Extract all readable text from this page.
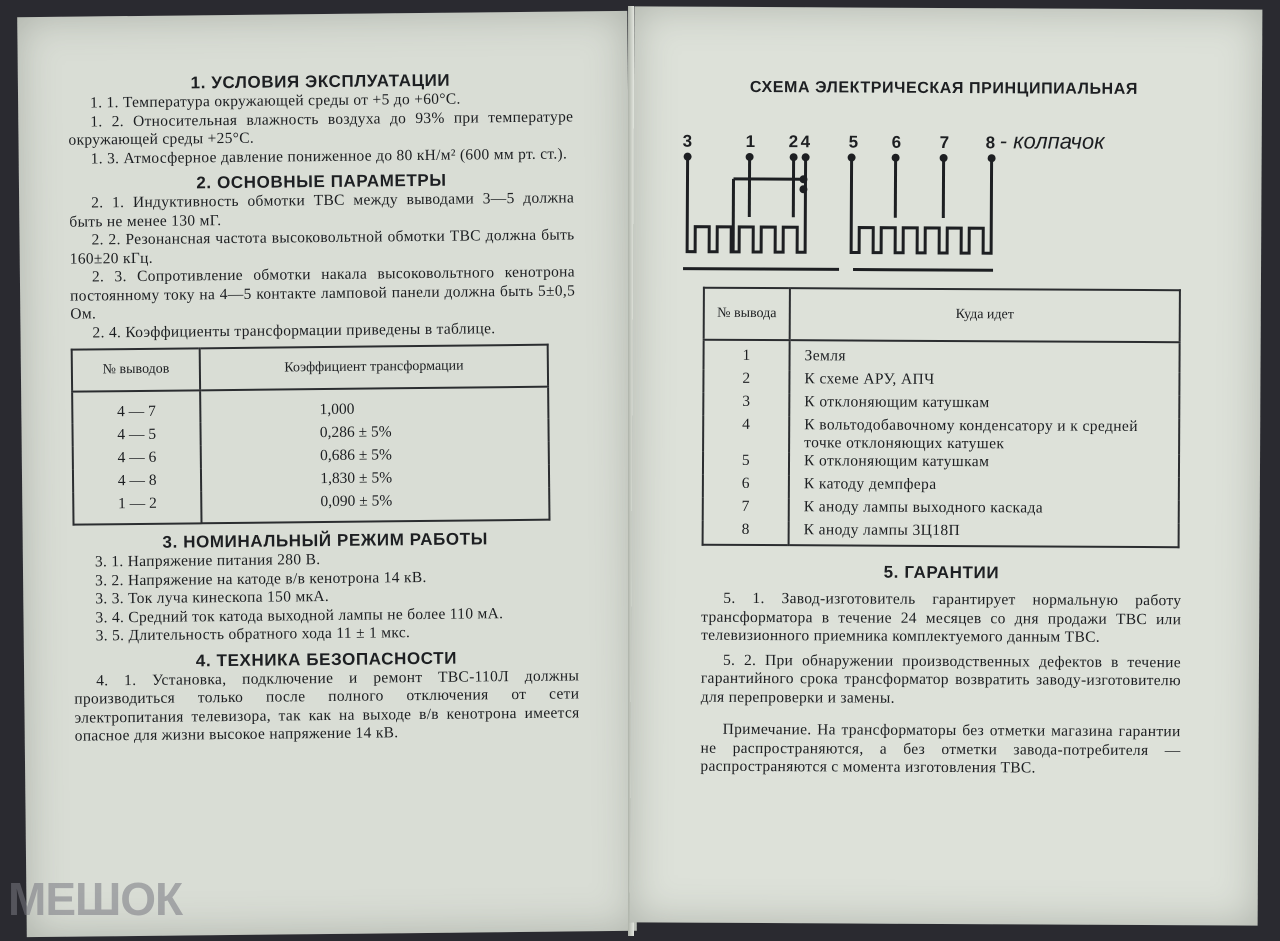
1. УСЛОВИЯ ЭКСПЛУАТАЦИИ

1. 1. Температура окружающей среды от +5 до +60°С.

1. 2. Относительная влажность воздуха до 93% при температуре окружающей среды +25°С.

1. 3. Атмосферное давление пониженное до 80 кН/м² (600 мм рт. ст.).

2. ОСНОВНЫЕ ПАРАМЕТРЫ

2. 1. Индуктивность обмотки ТВС между выводами 3—5 должна быть не менее 130 мГ.

2. 2. Резонансная частота высоковольтной обмотки ТВС должна быть 160±20 кГц.

2. 3. Сопротивление обмотки накала высоковольтного кенотрона постоянному току на 4—5 контакте ламповой панели должна быть 5±0,5 Ом.

2. 4. Коэффициенты трансформации приведены в таблице.

№ выводов	Коэффициент трансформации
4 — 7	1,000
4 — 5	0,286 ± 5%
4 — 6	0,686 ± 5%
4 — 8	1,830 ± 5%
1 — 2	0,090 ± 5%
3. НОМИНАЛЬНЫЙ РЕЖИМ РАБОТЫ

3. 1. Напряжение питания 280 В.

3. 2. Напряжение на катоде в/в кенотрона 14 кВ.

3. 3. Ток луча кинескопа 150 мкА.

3. 4. Средний ток катода выходной лампы не более 110 мА.

3. 5. Длительность обратного хода 11 ± 1 мкс.

4. ТЕХНИКА БЕЗОПАСНОСТИ

4. 1. Установка, подключение и ремонт ТВС-110Л должны производиться только после полного отключения от сети электропитания телевизора, так как на выходе в/в кенотрона имеется опасное для жизни высокое напряжение 14 кВ.

СХЕМА ЭЛЕКТРИЧЕСКАЯ ПРИНЦИПИАЛЬНАЯ
3	1 2 4 5 6 7 8 - колпачок
№ вывода	Куда идет
1	Земля
2	К схеме АРУ, АПЧ
3	К отклоняющим катушкам
4	К вольтодобавочному конденсатору и к средней точке отклоняющих катушек
5	К отклоняющим катушкам
6	К катоду демпфера
7	К аноду лампы выходного каскада
8	К аноду лампы 3Ц18П
5. ГАРАНТИИ

5. 1. Завод-изготовитель гарантирует нормальную работу трансформатора в течение 24 месяцев со дня продажи ТВС или телевизионного приемника комплектуемого данным ТВС.

5. 2. При обнаружении производственных дефектов в течение гарантийного срока трансформатор возвратить заводу-изготовителю для перепроверки и замены.

Примечание. На трансформаторы без отметки магазина гарантии не распространяются, а без отметки завода-потребителя — распространяются с момента изготовления ТВС.

МЕШОК
